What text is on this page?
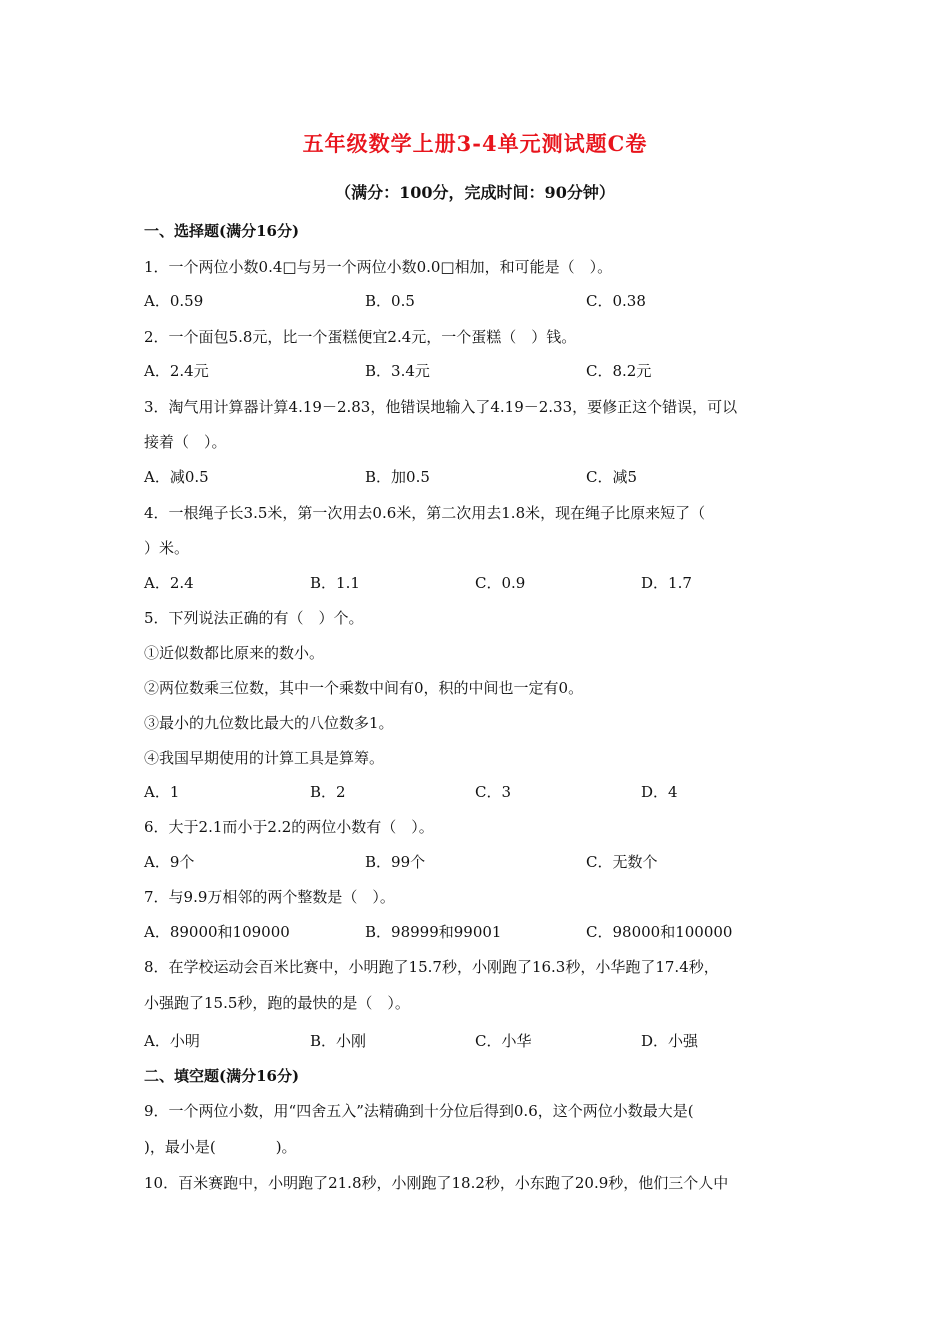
五年级数学上册3-4单元测试题C卷
（满分：100分，完成时间：90分钟）
一、选择题(满分16分)
1．一个两位小数0.4□与另一个两位小数0.0□相加，和可能是（　）。
A．0.59	B．0.5	C．0.38
2．一个面包5.8元，比一个蛋糕便宜2.4元，一个蛋糕（　）钱。
A．2.4元	B．3.4元	C．8.2元
3．淘气用计算器计算4.19－2.83，他错误地输入了4.19－2.33，要修正这个错误，可以
接着（　）。
A．减0.5	B．加0.5	C．减5
4．一根绳子长3.5米，第一次用去0.6米，第二次用去1.8米，现在绳子比原来短了（
）米。
A．2.4	B．1.1	C．0.9	D．1.7
5．下列说法正确的有（　）个。
①近似数都比原来的数小。
②两位数乘三位数，其中一个乘数中间有0，积的中间也一定有0。
③最小的九位数比最大的八位数多1。
④我国早期使用的计算工具是算筹。
A．1	B．2	C．3	D．4
6．大于2.1而小于2.2的两位小数有（　）。
A．9个	B．99个	C．无数个
7．与9.9万相邻的两个整数是（　）。
A．89000和109000	B．98999和99001	C．98000和100000
8．在学校运动会百米比赛中，小明跑了15.7秒，小刚跑了16.3秒，小华跑了17.4秒，
小强跑了15.5秒，跑的最快的是（　）。
A．小明	B．小刚	C．小华	D．小强
二、填空题(满分16分)
9．一个两位小数，用“四舍五入”法精确到十分位后得到0.6，这个两位小数最大是(
)，最小是(　　　　)。
10．百米赛跑中，小明跑了21.8秒，小刚跑了18.2秒，小东跑了20.9秒，他们三个人中
